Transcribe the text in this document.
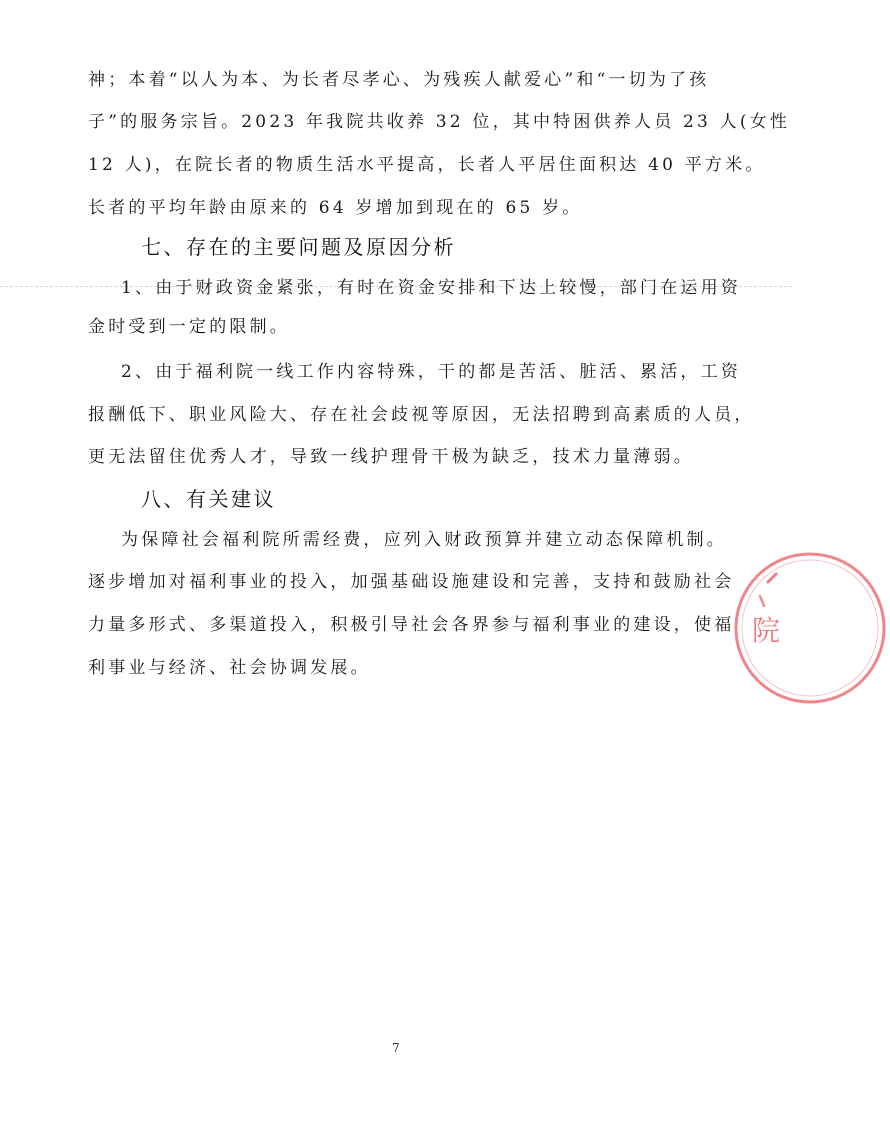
神；本着“以人为本、为长者尽孝心、为残疾人献爱心”和“一切为了孩
子”的服务宗旨。2023 年我院共收养 32 位，其中特困供养人员 23 人(女性
12 人)，在院长者的物质生活水平提高，长者人平居住面积达 40 平方米。
长者的平均年龄由原来的 64 岁增加到现在的 65 岁。
七、存在的主要问题及原因分析
1、由于财政资金紧张，有时在资金安排和下达上较慢，部门在运用资
金时受到一定的限制。
2、由于福利院一线工作内容特殊，干的都是苦活、脏活、累活，工资
报酬低下、职业风险大、存在社会歧视等原因，无法招聘到高素质的人员，
更无法留住优秀人才，导致一线护理骨干极为缺乏，技术力量薄弱。
八、有关建议
为保障社会福利院所需经费，应列入财政预算并建立动态保障机制。
逐步增加对福利事业的投入，加强基础设施建设和完善，支持和鼓励社会
力量多形式、多渠道投入，积极引导社会各界参与福利事业的建设，使福
利事业与经济、社会协调发展。
院
7
